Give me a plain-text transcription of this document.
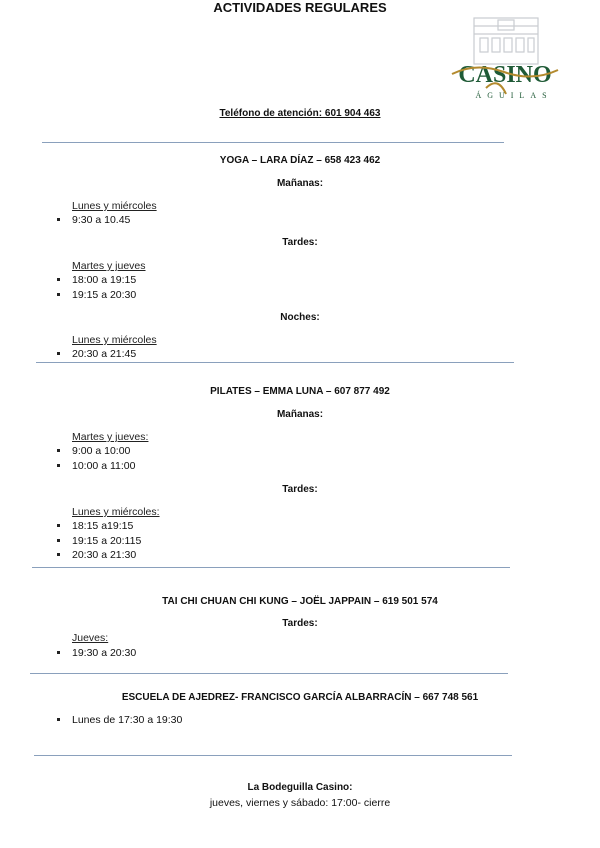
CASINO
ÁGUILAS
ACTIVIDADES REGULARES
Teléfono de atención: 601 904 463
YOGA – LARA DÍAZ – 658 423 462
Mañanas:
Lunes y miércoles
9:30 a 10.45
Tardes:
Martes y jueves
18:00 a 19:15
19:15 a 20:30
Noches:
Lunes y miércoles
20:30 a 21:45
PILATES – EMMA LUNA – 607 877 492
Mañanas:
Martes y jueves:
9:00 a 10:00
10:00 a 11:00
Tardes:
Lunes y miércoles:
18:15 a19:15
19:15 a 20:115
20:30 a 21:30
TAI CHI CHUAN CHI KUNG – JOËL JAPPAIN – 619 501 574
Tardes:
Jueves:
19:30 a 20:30
ESCUELA DE AJEDREZ- FRANCISCO GARCÍA ALBARRACÍN – 667 748 561
Lunes de 17:30 a 19:30
La Bodeguilla Casino:
jueves, viernes y sábado: 17:00- cierre
